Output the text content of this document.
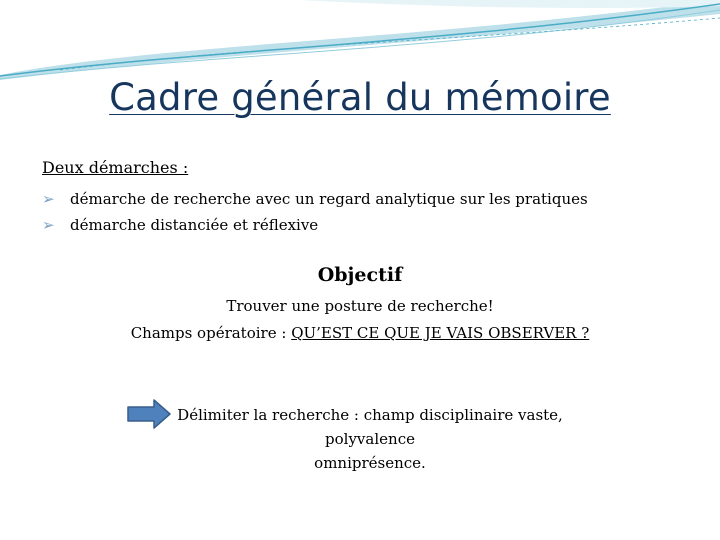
Cadre général du mémoire
Deux démarches :
➢	démarche de recherche avec un regard analytique sur les pratiques
➢	démarche distanciée et réflexive
Objectif
Trouver une posture de recherche!
Champs opératoire : QU’EST CE QUE JE VAIS OBSERVER ?
Délimiter la recherche : champ disciplinaire vaste, polyvalence
omniprésence.
